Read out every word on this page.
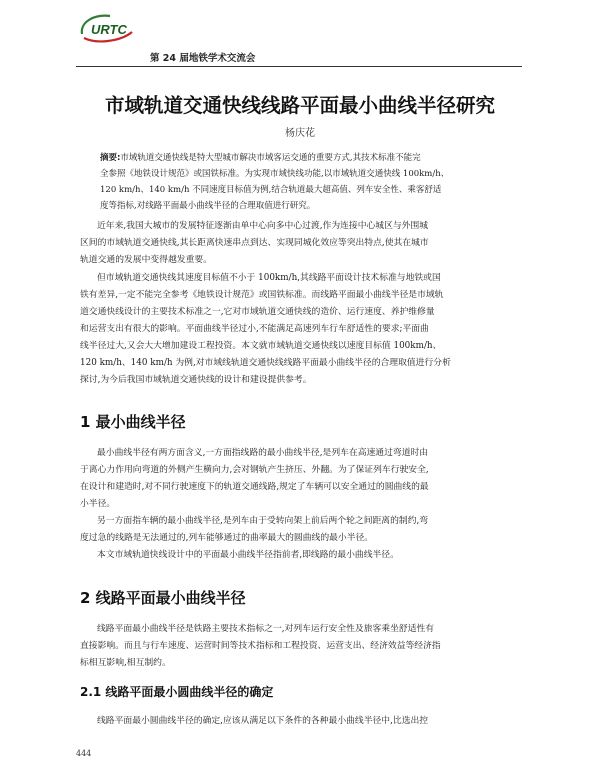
URTC
第 24 届地铁学术交流会
市域轨道交通快线线路平面最小曲线半径研究
杨庆花
摘要:市域轨道交通快线是特大型城市解决市域客运交通的重要方式,其技术标准不能完
全参照《地铁设计规范》或国铁标准。为实现市域快线功能,以市域轨道交通快线 100km/h、
120 km/h、140 km/h 不同速度目标值为例,结合轨道最大超高值、列车安全性、乘客舒适
度等指标,对线路平面最小曲线半径的合理取值进行研究。
近年来,我国大城市的发展特征逐渐由单中心向多中心过渡,作为连接中心城区与外围城
区间的市域轨道交通快线,其长距离快速串点到达、实现同城化效应等突出特点,使其在城市
轨道交通的发展中变得越发重要。
但市域轨道交通快线其速度目标值不小于 100km/h,其线路平面设计技术标准与地铁或国
铁有差异,一定不能完全参考《地铁设计规范》或国铁标准。而线路平面最小曲线半径是市域轨
道交通快线设计的主要技术标准之一,它对市域轨道交通快线的造价、运行速度、养护维修量
和运营支出有很大的影响。平面曲线半径过小,不能满足高速列车行车舒适性的要求;平面曲
线半径过大,又会大大增加建设工程投资。本文就市域轨道交通快线以速度目标值 100km/h、
120 km/h、140 km/h 为例,对市域线轨道交通快线线路平面最小曲线半径的合理取值进行分析
探讨,为今后我国市域轨道交通快线的设计和建设提供参考。
1 最小曲线半径
最小曲线半径有两方面含义,一方面指线路的最小曲线半径,是列车在高速通过弯道时由
于离心力作用向弯道的外侧产生横向力,会对钢轨产生挤压、外翻。为了保证列车行驶安全,
在设计和建造时,对不同行驶速度下的轨道交通线路,规定了车辆可以安全通过的圆曲线的最
小半径。
另一方面指车辆的最小曲线半径,是列车由于受转向架上前后两个轮之间距离的制约,弯
度过急的线路是无法通过的,列车能够通过的曲率最大的圆曲线的最小半径。
本文市域轨道快线设计中的平面最小曲线半径指前者,即线路的最小曲线半径。
2 线路平面最小曲线半径
线路平面最小曲线半径是铁路主要技术指标之一,对列车运行安全性及旅客乘坐舒适性有
直接影响。而且与行车速度、运营时间等技术指标和工程投资、运营支出、经济效益等经济指
标相互影响,相互制约。
2.1 线路平面最小圆曲线半径的确定
线路平面最小圆曲线半径的确定,应该从满足以下条件的各种最小曲线半径中,比选出控
444
